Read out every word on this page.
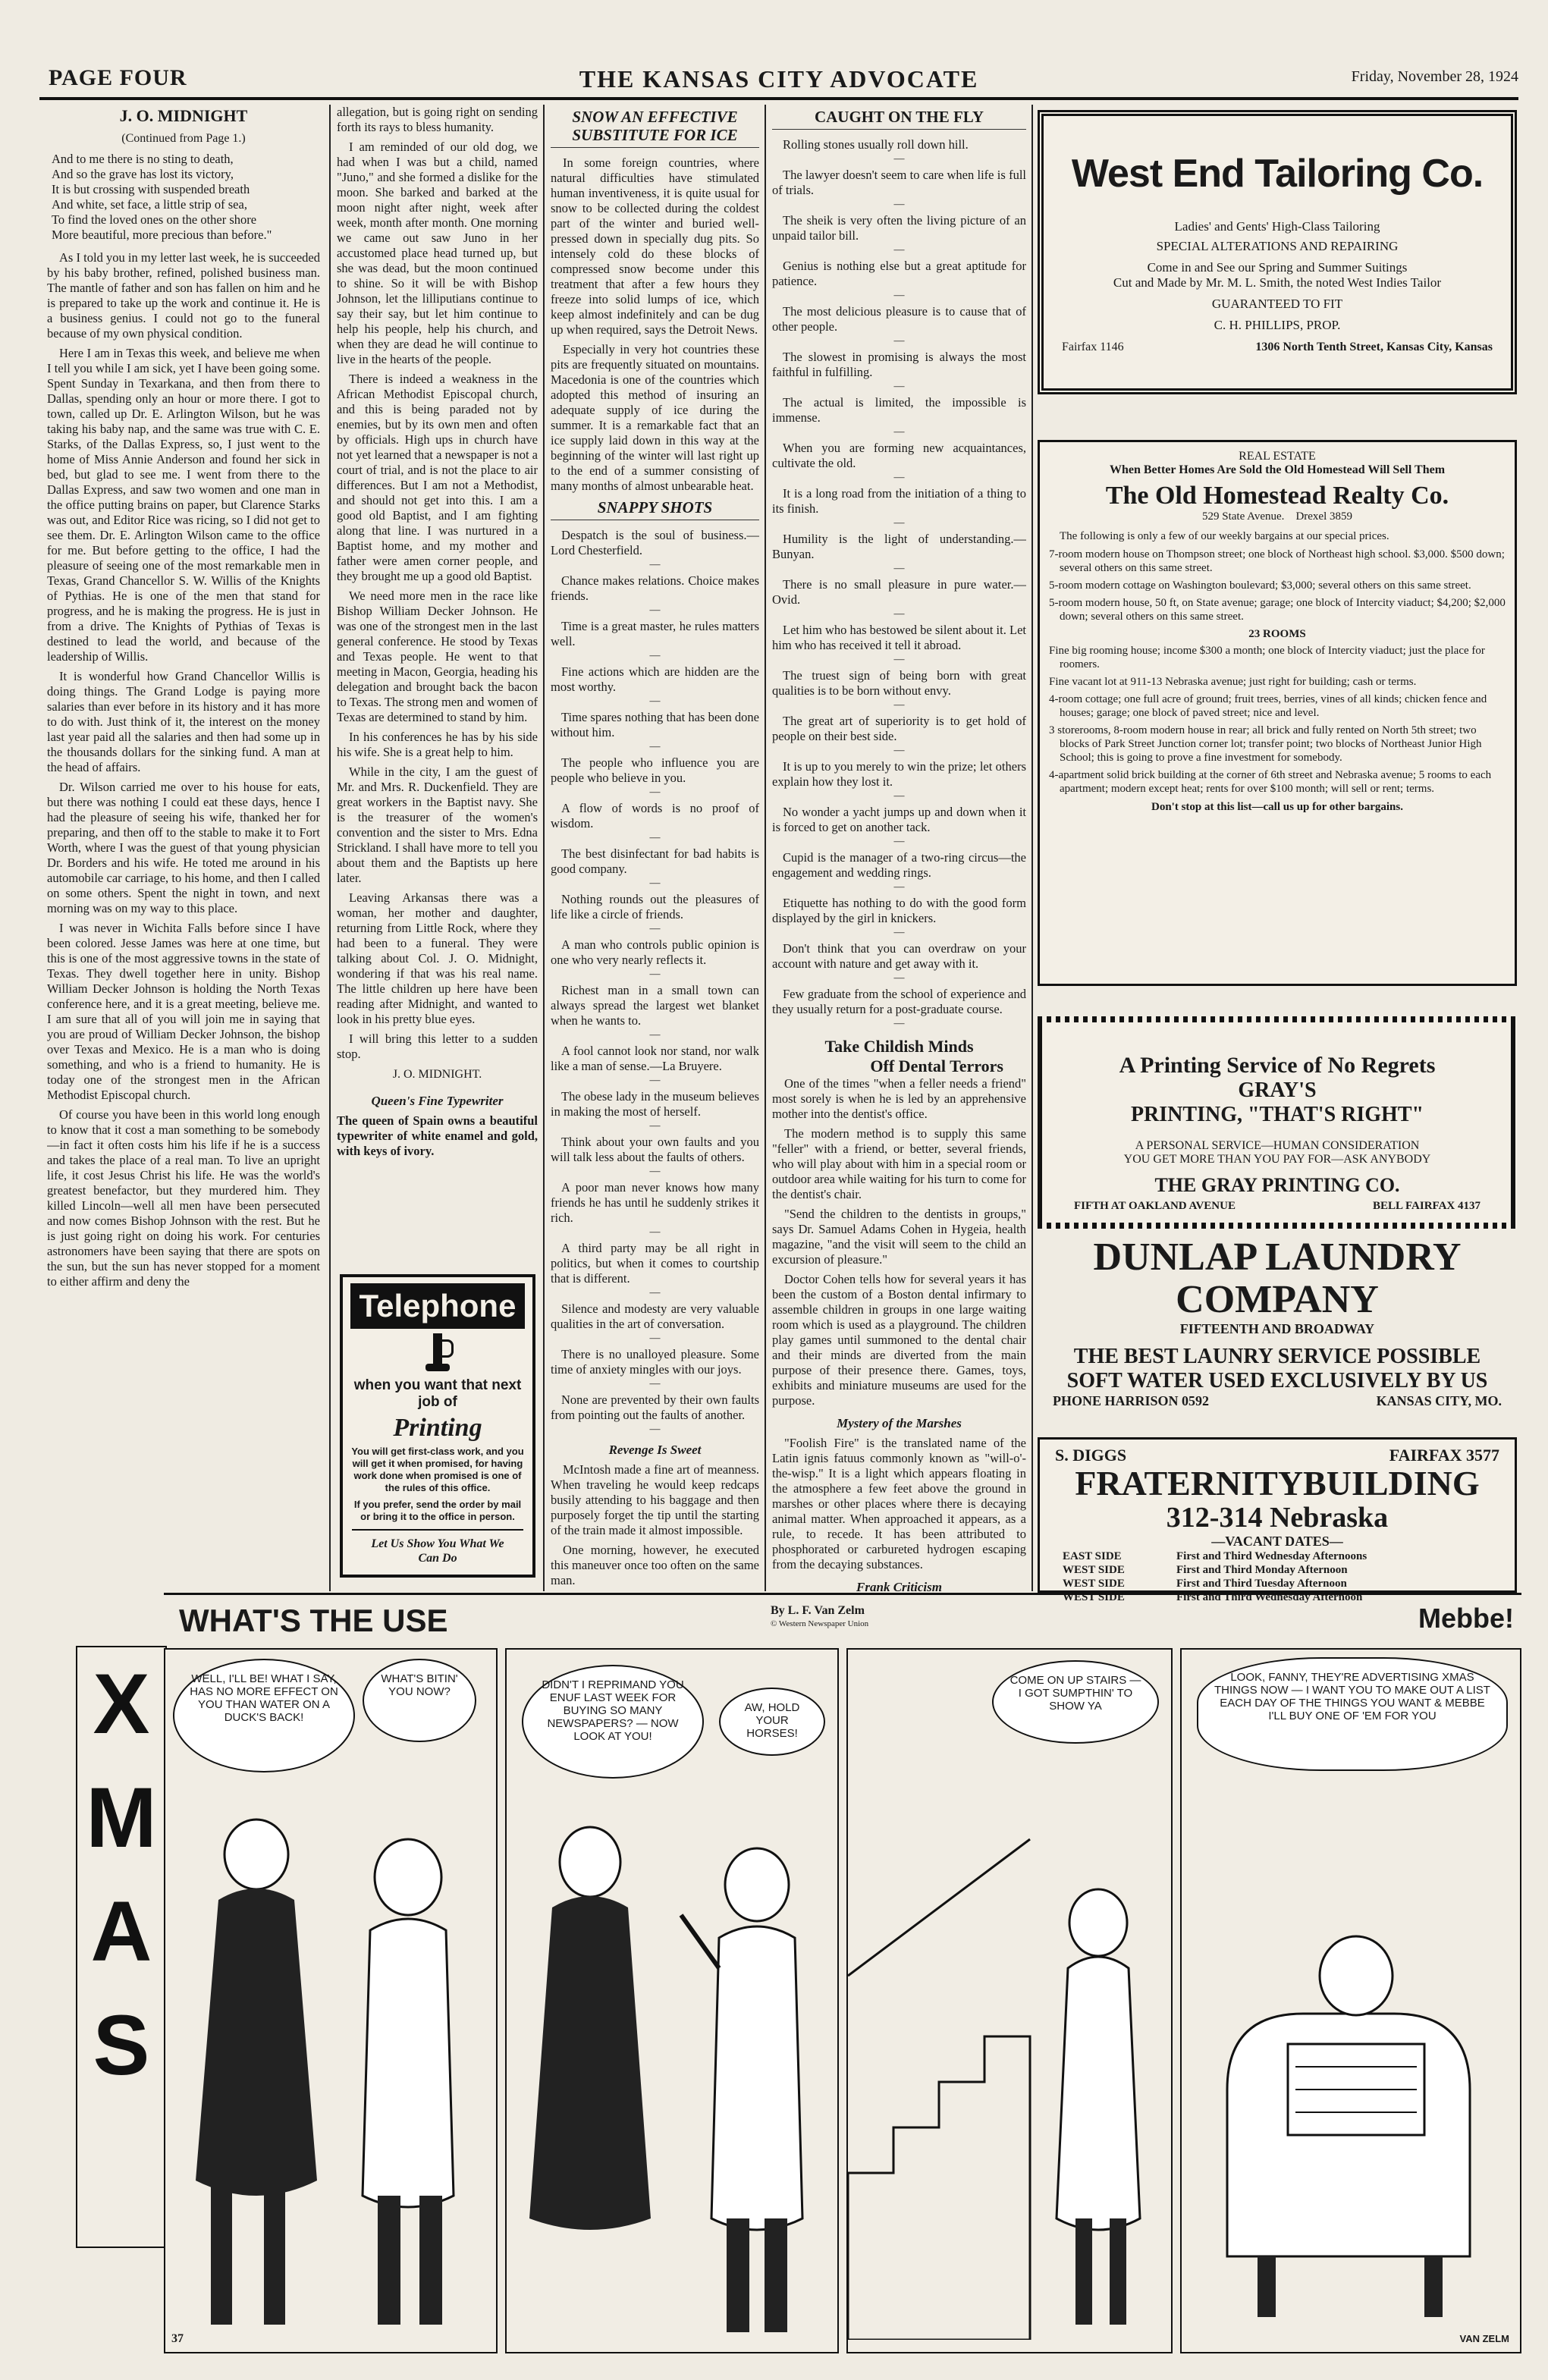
PAGE FOUR	THE KANSAS CITY ADVOCATE	Friday, November 28, 1924
J. O. MIDNIGHT
(Continued from Page 1.)
And to me there is no sting to death,
And so the grave has lost its victory,
It is but crossing with suspended breath
And white, set face, a little strip of sea,
To find the loved ones on the other shore
More beautiful, more precious than before."

As I told you in my letter last week, he is succeeded by his baby brother, refined, polished business man. The mantle of father and son has fallen on him and he is prepared to take up the work and continue it. He is a business genius. I could not go to the funeral because of my own physical condition.

Here I am in Texas this week, and believe me when I tell you while I am sick, yet I have been going some. Spent Sunday in Texarkana, and then from there to Dallas, spending only an hour or more there. I got to town, called up Dr. E. Arlington Wilson, but he was taking his baby nap, and the same was true with C. E. Starks, of the Dallas Express, so, I just went to the home of Miss Annie Anderson and found her sick in bed, but glad to see me. I went from there to the Dallas Express, and saw two women and one man in the office putting brains on paper, but Clarence Starks was out, and Editor Rice was ricing, so I did not get to see them. Dr. E. Arlington Wilson came to the office for me. But before getting to the office, I had the pleasure of seeing one of the most remarkable men in Texas, Grand Chancellor S. W. Willis of the Knights of Pythias. He is one of the men that stand for progress, and he is making the progress. He is just in from a drive. The Knights of Pythias of Texas is destined to lead the world, and because of the leadership of Willis.

It is wonderful how Grand Chancellor Willis is doing things. The Grand Lodge is paying more salaries than ever before in its history and it has more to do with. Just think of it, the interest on the money last year paid all the salaries and then had some up in the thousands dollars for the sinking fund. A man at the head of affairs.

Dr. Wilson carried me over to his house for eats, but there was nothing I could eat these days, hence I had the pleasure of seeing his wife, thanked her for preparing, and then off to the stable to make it to Fort Worth, where I was the guest of that young physician Dr. Borders and his wife. He toted me around in his automobile car carriage, to his home, and then I called on some others. Spent the night in town, and next morning was on my way to this place.

I was never in Wichita Falls before since I have been colored. Jesse James was here at one time, but this is one of the most aggressive towns in the state of Texas. They dwell together here in unity. Bishop William Decker Johnson is holding the North Texas conference here, and it is a great meeting, believe me. I am sure that all of you will join me in saying that you are proud of William Decker Johnson, the bishop over Texas and Mexico. He is a man who is doing something, and who is a friend to humanity. He is today one of the strongest men in the African Methodist Episcopal church.

Of course you have been in this world long enough to know that it cost a man something to be somebody —in fact it often costs him his life if he is a success and takes the place of a real man. To live an upright life, it cost Jesus Christ his life. He was the world's greatest benefactor, but they murdered him. They killed Lincoln—well all men have been persecuted and now comes Bishop Johnson with the rest. But he is just going right on doing his work. For centuries astronomers have been saying that there are spots on the sun, but the sun has never stopped for a moment to either affirm and deny the

allegation, but is going right on sending forth its rays to bless humanity.

I am reminded of our old dog, we had when I was but a child, named "Juno," and she formed a dislike for the moon. She barked and barked at the moon night after night, week after week, month after month. One morning we came out saw Juno in her accustomed place head turned up, but she was dead, but the moon continued to shine. So it will be with Bishop Johnson, let the lilliputians continue to say their say, but let him continue to help his people, help his church, and when they are dead he will continue to live in the hearts of the people.

There is indeed a weakness in the African Methodist Episcopal church, and this is being paraded not by enemies, but by its own men and often by officials. High ups in church have not yet learned that a newspaper is not a court of trial, and is not the place to air differences. But I am not a Methodist, and should not get into this. I am a good old Baptist, and I am fighting along that line. I was nurtured in a Baptist home, and my mother and father were amen corner people, and they brought me up a good old Baptist.

We need more men in the race like Bishop William Decker Johnson. He was one of the strongest men in the last general conference. He stood by Texas and Texas people. He went to that meeting in Macon, Georgia, heading his delegation and brought back the bacon to Texas. The strong men and women of Texas are determined to stand by him.

In his conferences he has by his side his wife. She is a great help to him.

While in the city, I am the guest of Mr. and Mrs. R. Duckenfield. They are great workers in the Baptist navy. She is the treasurer of the women's convention and the sister to Mrs. Edna Strickland. I shall have more to tell you about them and the Baptists up here later.

Leaving Arkansas there was a woman, her mother and daughter, returning from Little Rock, where they had been to a funeral. They were talking about Col. J. O. Midnight, wondering if that was his real name. The little children up here have been reading after Midnight, and wanted to look in his pretty blue eyes.

I will bring this letter to a sudden stop.

J. O. MIDNIGHT.
Queen's Fine Typewriter

The queen of Spain owns a beautiful typewriter of white enamel and gold, with keys of ivory.

Telephone
when you want that next job of
Printing
You will get first-class work, and you will get it when promised, for having work done when promised is one of the rules of this office.
If you prefer, send the order by mail or bring it to the office in person.
Let Us Show You What We Can Do
SNOW AN EFFECTIVE SUBSTITUTE FOR ICE

In some foreign countries, where natural difficulties have stimulated human inventiveness, it is quite usual for snow to be collected during the coldest part of the winter and buried well-pressed down in specially dug pits. So intensely cold do these blocks of compressed snow become under this treatment that after a few hours they freeze into solid lumps of ice, which keep almost indefinitely and can be dug up when required, says the Detroit News.

Especially in very hot countries these pits are frequently situated on mountains. Macedonia is one of the countries which adopted this method of insuring an adequate supply of ice during the summer. It is a remarkable fact that an ice supply laid down in this way at the beginning of the winter will last right up to the end of a summer consisting of many months of almost unbearable heat.

SNAPPY SHOTS

Despatch is the soul of business.—Lord Chesterfield.

—

Chance makes relations. Choice makes friends.

—

Time is a great master, he rules matters well.

—

Fine actions which are hidden are the most worthy.

—

Time spares nothing that has been done without him.

—

The people who influence you are people who believe in you.

—

A flow of words is no proof of wisdom.

—

The best disinfectant for bad habits is good company.

—

Nothing rounds out the pleasures of life like a circle of friends.

—

A man who controls public opinion is one who very nearly reflects it.

—

Richest man in a small town can always spread the largest wet blanket when he wants to.

—

A fool cannot look nor stand, nor walk like a man of sense.—La Bruyere.

—

The obese lady in the museum believes in making the most of herself.

—

Think about your own faults and you will talk less about the faults of others.

—

A poor man never knows how many friends he has until he suddenly strikes it rich.

—

A third party may be all right in politics, but when it comes to courtship that is different.

—

Silence and modesty are very valuable qualities in the art of conversation.

—

There is no unalloyed pleasure. Some time of anxiety mingles with our joys.

—

None are prevented by their own faults from pointing out the faults of another.

—
Revenge Is Sweet

McIntosh made a fine art of meanness. When traveling he would keep redcaps busily attending to his baggage and then purposely forget the tip until the starting of the train made it almost impossible.

One morning, however, he executed this maneuver once too often on the same man.

CAUGHT ON THE FLY

Rolling stones usually roll down hill.

—

The lawyer doesn't seem to care when life is full of trials.

—

The sheik is very often the living picture of an unpaid tailor bill.

—

Genius is nothing else but a great aptitude for patience.

—

The most delicious pleasure is to cause that of other people.

—

The slowest in promising is always the most faithful in fulfilling.

—

The actual is limited, the impossible is immense.

—

When you are forming new acquaintances, cultivate the old.

—

It is a long road from the initiation of a thing to its finish.

—

Humility is the light of understanding.—Bunyan.

—

There is no small pleasure in pure water.—Ovid.

—

Let him who has bestowed be silent about it. Let him who has received it tell it abroad.

—

The truest sign of being born with great qualities is to be born without envy.

—

The great art of superiority is to get hold of people on their best side.

—

It is up to you merely to win the prize; let others explain how they lost it.

—

No wonder a yacht jumps up and down when it is forced to get on another tack.

—

Cupid is the manager of a two-ring circus—the engagement and wedding rings.

—

Etiquette has nothing to do with the good form displayed by the girl in knickers.

—

Don't think that you can overdraw on your account with nature and get away with it.

—

Few graduate from the school of experience and they usually return for a post-graduate course.

—
Take Childish Minds
Off Dental Terrors

One of the times "when a feller needs a friend" most sorely is when he is led by an apprehensive mother into the dentist's office.

The modern method is to supply this same "feller" with a friend, or better, several friends, who will play about with him in a special room or outdoor area while waiting for his turn to come for the dentist's chair.

"Send the children to the dentists in groups," says Dr. Samuel Adams Cohen in Hygeia, health magazine, "and the visit will seem to the child an excursion of pleasure."

Doctor Cohen tells how for several years it has been the custom of a Boston dental infirmary to assemble children in groups in one large waiting room which is used as a playground. The children play games until summoned to the dental chair and their minds are diverted from the main purpose of their presence there. Games, toys, exhibits and miniature museums are used for the purpose.

Mystery of the Marshes

"Foolish Fire" is the translated name of the Latin ignis fatuus commonly known as "will-o'-the-wisp." It is a light which appears floating in the atmosphere a few feet above the ground in marshes or other places where there is decaying animal matter. When approached it appears, as a rule, to recede. It has been attributed to phosphorated or carbureted hydrogen escaping from the decaying substances.

Frank Criticism

West End Tailoring Co.
Ladies' and Gents' High-Class Tailoring
SPECIAL ALTERATIONS AND REPAIRING
Come in and See our Spring and Summer Suitings
Cut and Made by Mr. M. L. Smith, the noted West Indies Tailor
GUARANTEED TO FIT
C. H. PHILLIPS, PROP.
Fairfax 1146	1306 North Tenth Street, Kansas City, Kansas
REAL ESTATE
When Better Homes Are Sold the Old Homestead Will Sell Them
The Old Homestead Realty Co.
529 State Avenue. Drexel 3859
The following is only a few of our weekly bargains at our special prices.
7-room modern house on Thompson street; one block of Northeast high school. $3,000. $500 down; several others on this same street.
5-room modern cottage on Washington boulevard; $3,000; several others on this same street.
5-room modern house, 50 ft, on State avenue; garage; one block of Intercity viaduct; $4,200; $2,000 down; several others on this same street.
23 ROOMS
Fine big rooming house; income $300 a month; one block of Intercity viaduct; just the place for roomers.
Fine vacant lot at 911-13 Nebraska avenue; just right for building; cash or terms.
4-room cottage; one full acre of ground; fruit trees, berries, vines of all kinds; chicken fence and houses; garage; one block of paved street; nice and level.
3 storerooms, 8-room modern house in rear; all brick and fully rented on North 5th street; two blocks of Park Street Junction corner lot; transfer point; two blocks of Northeast Junior High School; this is going to prove a fine investment for somebody.
4-apartment solid brick building at the corner of 6th street and Nebraska avenue; 5 rooms to each apartment; modern except heat; rents for over $100 month; will sell or rent; terms.
Don't stop at this list—call us up for other bargains.
A Printing Service of No Regrets
GRAY'S
PRINTING, "THAT'S RIGHT"
A PERSONAL SERVICE—HUMAN CONSIDERATION
YOU GET MORE THAN YOU PAY FOR—ASK ANYBODY
THE GRAY PRINTING CO.
FIFTH AT OAKLAND AVENUE	BELL FAIRFAX 4137
DUNLAP LAUNDRY
COMPANY
FIFTEENTH AND BROADWAY
THE BEST LAUNRY SERVICE POSSIBLE
SOFT WATER USED EXCLUSIVELY BY US
PHONE HARRISON 0592	KANSAS CITY, MO.
S. DIGGS	FAIRFAX 3577
FRATERNITYBUILDING
312-314 Nebraska
—VACANT DATES—
EAST SIDE	First and Third Wednesday Afternoons
WEST SIDE	First and Third Monday Afternoon
WEST SIDE	First and Third Tuesday Afternoon
WEST SIDE	First and Third Wednesday Afternoon
X
M
A
S
WHAT'S THE USE	By L. F. Van Zelm
© Western Newspaper Union	Mebbe!
WELL, I'LL BE! WHAT I SAY, HAS NO MORE EFFECT ON YOU THAN WATER ON A DUCK'S BACK!
WHAT'S BITIN' YOU NOW?
37
DIDN'T I REPRIMAND YOU ENUF LAST WEEK FOR BUYING SO MANY NEWSPAPERS? — NOW LOOK AT YOU!
AW, HOLD YOUR HORSES!
COME ON UP STAIRS — I GOT SUMPTHIN' TO SHOW YA
LOOK, FANNY, THEY'RE ADVERTISING XMAS THINGS NOW — I WANT YOU TO MAKE OUT A LIST EACH DAY OF THE THINGS YOU WANT & MEBBE I'LL BUY ONE OF 'EM FOR YOU
VAN ZELM
